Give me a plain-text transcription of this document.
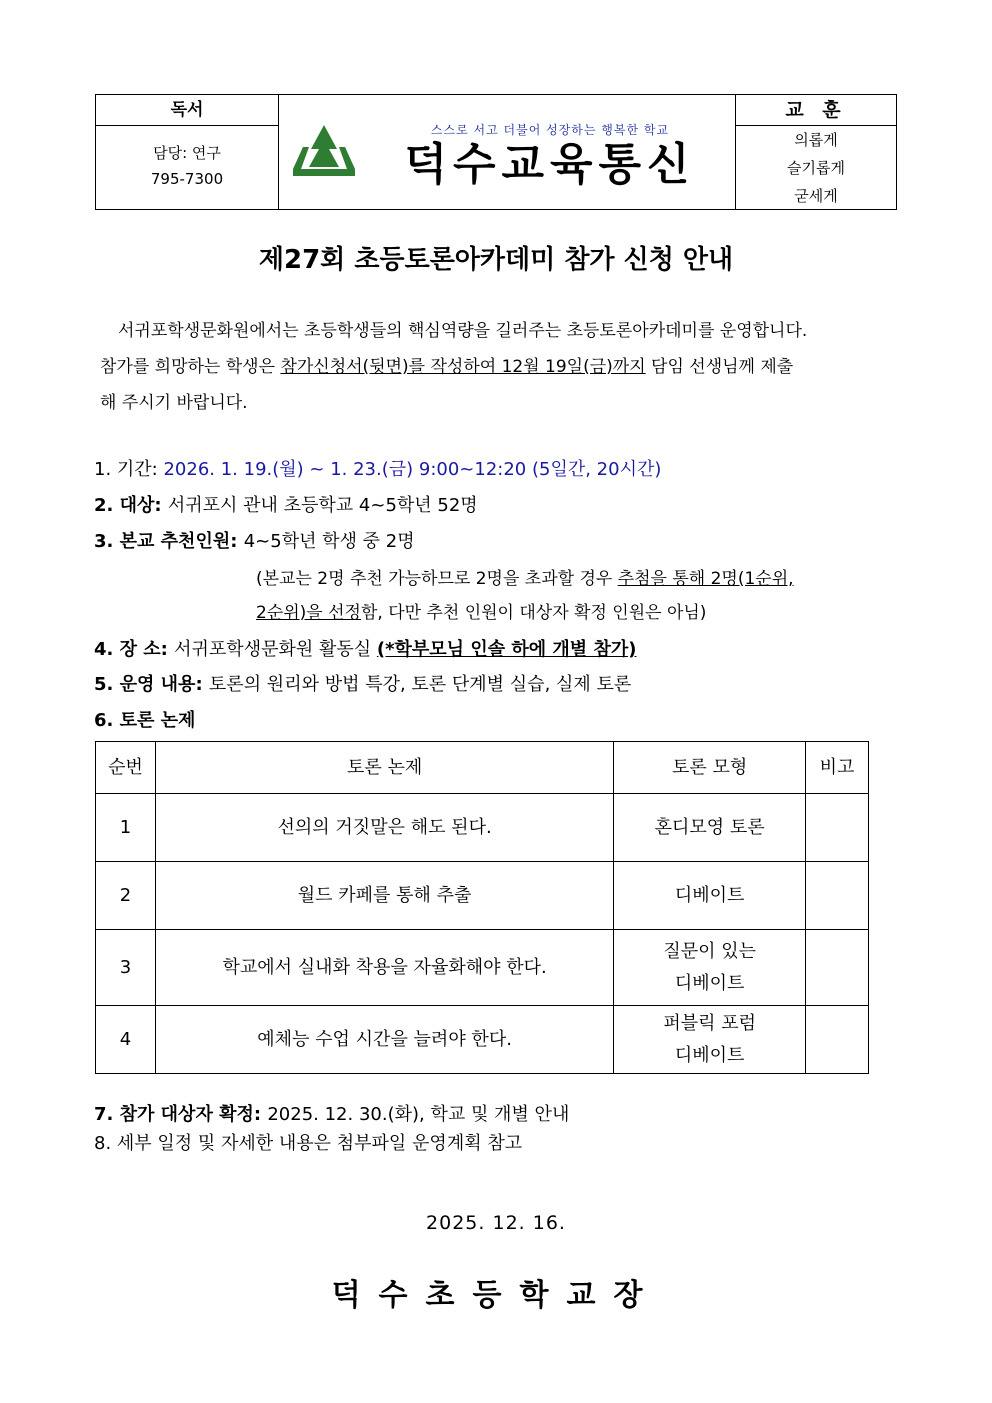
독서
담당: 연구
795-7300
스스로 서고 더불어 성장하는 행복한 학교
덕수교육통신
교 훈
의롭게
슬기롭게
굳세게
제27회 초등토론아카데미 참가 신청 안내
서귀포학생문화원에서는 초등학생들의 핵심역량을 길러주는 초등토론아카데미를 운영합니다.
참가를 희망하는 학생은 참가신청서(뒷면)를 작성하여 12월 19일(금)까지 담임 선생님께 제출
해 주시기 바랍니다.
1. 기간: 2026. 1. 19.(월) ~ 1. 23.(금) 9:00~12:20 (5일간, 20시간)
2. 대상: 서귀포시 관내 초등학교 4~5학년 52명
3. 본교 추천인원: 4~5학년 학생 중 2명
(본교는 2명 추천 가능하므로 2명을 초과할 경우 추첨을 통해 2명(1순위,
2순위)을 선정함, 다만 추천 인원이 대상자 확정 인원은 아님)
4. 장 소: 서귀포학생문화원 활동실 (*학부모님 인솔 하에 개별 참가)
5. 운영 내용: 토론의 원리와 방법 특강, 토론 단계별 실습, 실제 토론
6. 토론 논제
순번	토론 논제	토론 모형	비고
1	선의의 거짓말은 해도 된다.	혼디모영 토론	

2	월드 카페를 통해 추출	디베이트	

3	학교에서 실내화 착용을 자율화해야 한다.	질문이 있는
디베이트	

4	예체능 수업 시간을 늘려야 한다.	퍼블릭 포럼
디베이트	

7. 참가 대상자 확정: 2025. 12. 30.(화), 학교 및 개별 안내
8. 세부 일정 및 자세한 내용은 첨부파일 운영계획 참고
2025. 12. 16.
덕수초등학교장
